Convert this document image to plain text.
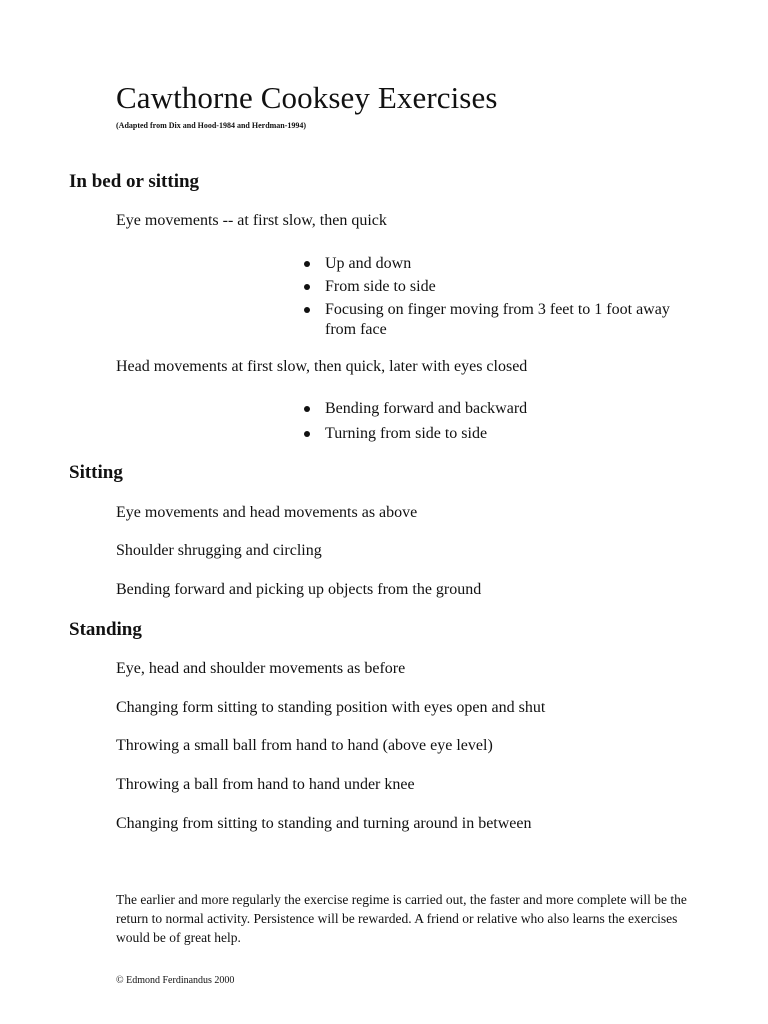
Cawthorne Cooksey Exercises
(Adapted from Dix and Hood-1984 and Herdman-1994)
In bed or sitting
Eye movements -- at first slow, then quick
Up and down
From side to side
Focusing on finger moving from 3 feet to 1 foot away from face
Head movements at first slow, then quick, later with eyes closed
Bending forward and backward
Turning from side to side
Sitting
Eye movements and head movements as above
Shoulder shrugging and circling
Bending forward and picking up objects from the ground
Standing
Eye, head and shoulder movements as before
Changing form sitting to standing position with eyes open and shut
Throwing a small ball from hand to hand (above eye level)
Throwing a ball from hand to hand under knee
Changing from sitting to standing and turning around in between
The earlier and more regularly the exercise regime is carried out, the faster and more complete will be the return to normal activity. Persistence will be rewarded. A friend or relative who also learns the exercises would be of great help.
© Edmond Ferdinandus 2000
